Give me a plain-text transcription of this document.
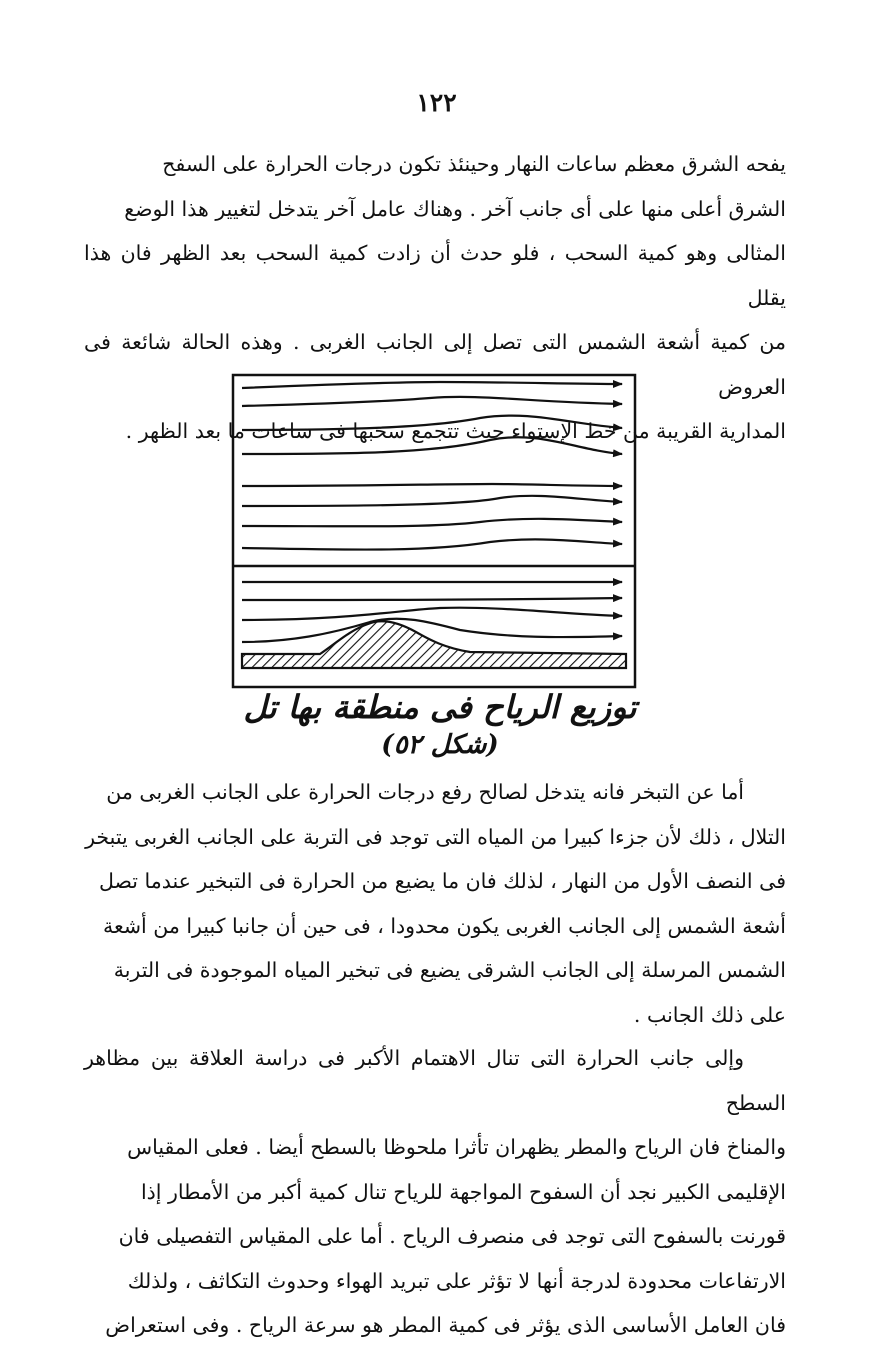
١٢٢

يفحه الشرق معظم ساعات النهار وحينئذ تكون درجات الحرارة على السفح

الشرق أعلى منها على أى جانب آخر . وهناك عامل آخر يتدخل لتغيير هذا الوضع

المثالى وهو كمية السحب ، فلو حدث أن زادت كمية السحب بعد الظهر فان هذا يقلل

من كمية أشعة الشمس التى تصل إلى الجانب الغربى . وهذه الحالة شائعة فى العروض

المدارية القريبة من خط الإستواء حيث تتجمع سحبها فى ساعات ما بعد الظهر .

توزيع الرياح فى منطقة بها تل
(شكل ٥٢)

أما عن التبخر فانه يتدخل لصالح رفع درجات الحرارة على الجانب الغربى من

التلال ، ذلك لأن جزءا كبيرا من المياه التى توجد فى التربة على الجانب الغربى يتبخر

فى النصف الأول من النهار ، لذلك فان ما يضيع من الحرارة فى التبخير عندما تصل

أشعة الشمس إلى الجانب الغربى يكون محدودا ، فى حين أن جانبا كبيرا من أشعة

الشمس المرسلة إلى الجانب الشرقى يضيع فى تبخير المياه الموجودة فى التربة

على ذلك الجانب .

وإلى جانب الحرارة التى تنال الاهتمام الأكبر فى دراسة العلاقة بين مظاهر السطح

والمناخ فان الرياح والمطر يظهران تأثرا ملحوظا بالسطح أيضا . فعلى المقياس

الإقليمى الكبير نجد أن السفوح المواجهة للرياح تنال كمية أكبر من الأمطار إذا

قورنت بالسفوح التى توجد فى منصرف الرياح . أما على المقياس التفصيلى فان

الارتفاعات محدودة لدرجة أنها لا تؤثر على تبريد الهواء وحدوث التكاثف ، ولذلك

فان العامل الأساسى الذى يؤثر فى كمية المطر هو سرعة الرياح . وفى استعراض
